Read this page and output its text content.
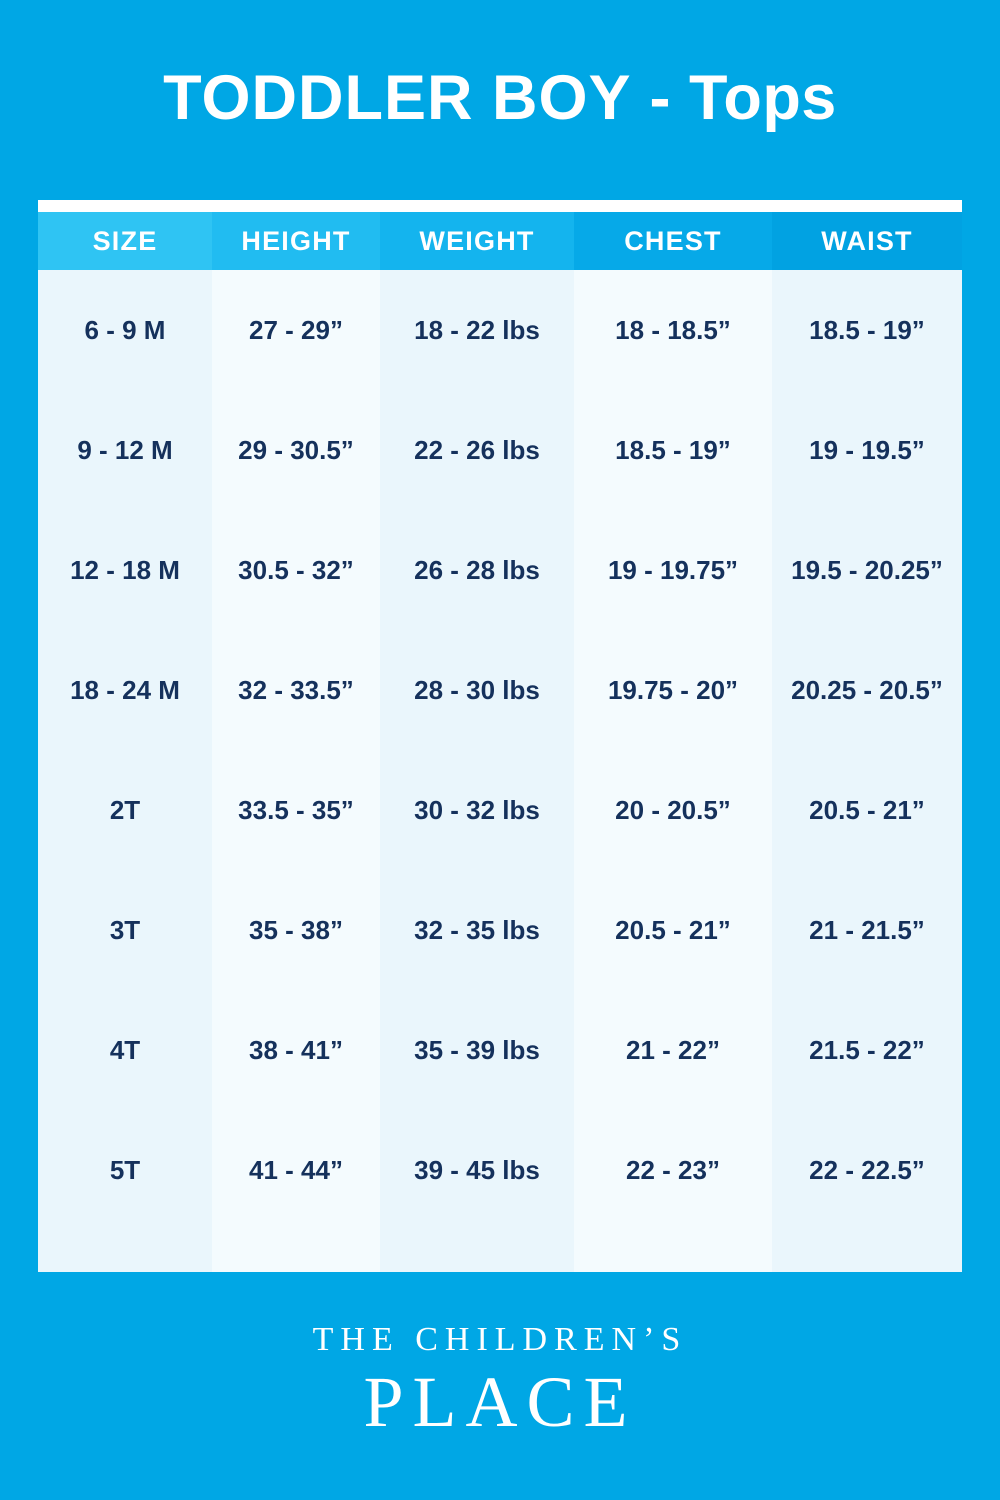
TODDLER BOY - Tops
SIZE	HEIGHT	WEIGHT	CHEST	WAIST
6 - 9 M	27 - 29”	18 - 22 lbs	18 - 18.5”	18.5 - 19”
9 - 12 M	29 - 30.5”	22 - 26 lbs	18.5 - 19”	19 - 19.5”
12 - 18 M	30.5 - 32”	26 - 28 lbs	19 - 19.75”	19.5 - 20.25”
18 - 24 M	32 - 33.5”	28 - 30 lbs	19.75 - 20”	20.25 - 20.5”
2T	33.5 - 35”	30 - 32 lbs	20 - 20.5”	20.5 - 21”
3T	35 - 38”	32 - 35 lbs	20.5 - 21”	21 - 21.5”
4T	38 - 41”	35 - 39 lbs	21 - 22”	21.5 - 22”
5T	41 - 44”	39 - 45 lbs	22 - 23”	22 - 22.5”
THE CHILDREN’S
PLACE
